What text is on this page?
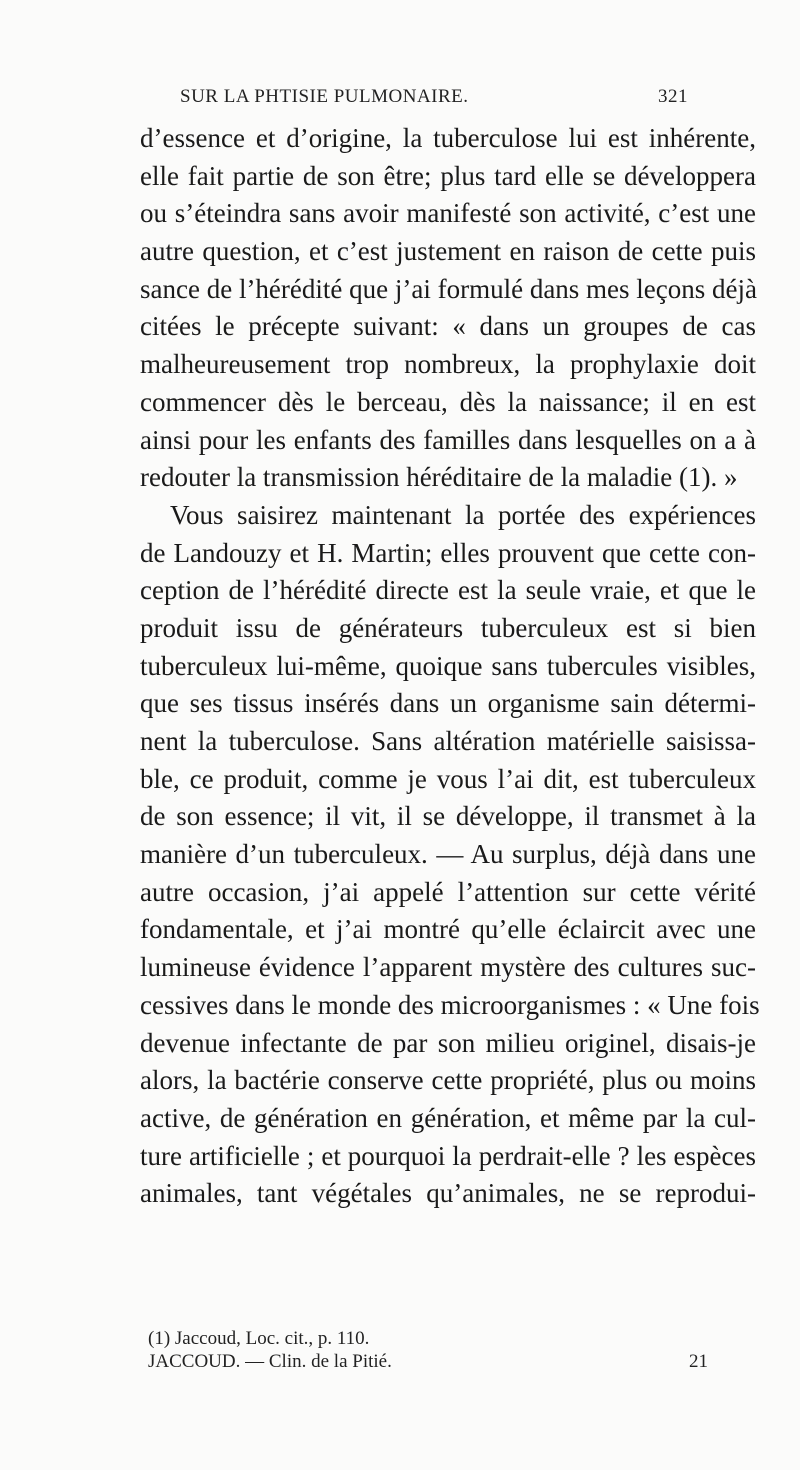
SUR LA PHTISIE PULMONAIRE.	321
d’essence et d’origine, la tuberculose lui est inhérente,
elle fait partie de son être; plus tard elle se développera
ou s’éteindra sans avoir manifesté son activité, c’est une
autre question, et c’est justement en raison de cette puis
sance de l’hérédité que j’ai formulé dans mes leçons déjà
citées le précepte suivant: « dans un groupes de cas
malheureusement trop nombreux, la prophylaxie doit
commencer dès le berceau, dès la naissance; il en est
ainsi pour les enfants des familles dans lesquelles on a à
redouter la transmission héréditaire de la maladie (1). »
Vous saisirez maintenant la portée des expériences
de Landouzy et H. Martin; elles prouvent que cette con-
ception de l’hérédité directe est la seule vraie, et que le
produit issu de générateurs tuberculeux est si bien
tuberculeux lui-même, quoique sans tubercules visibles,
que ses tissus insérés dans un organisme sain détermi-
nent la tuberculose. Sans altération matérielle saisissa-
ble, ce produit, comme je vous l’ai dit, est tuberculeux
de son essence; il vit, il se développe, il transmet à la
manière d’un tuberculeux. — Au surplus, déjà dans une
autre occasion, j’ai appelé l’attention sur cette vérité
fondamentale, et j’ai montré qu’elle éclaircit avec une
lumineuse évidence l’apparent mystère des cultures suc-
cessives dans le monde des microorganismes : « Une fois
devenue infectante de par son milieu originel, disais-je
alors, la bactérie conserve cette propriété, plus ou moins
active, de génération en génération, et même par la cul-
ture artificielle ; et pourquoi la perdrait-elle ? les espèces
animales, tant végétales qu’animales, ne se reprodui-
(1) Jaccoud, Loc. cit., p. 110.
JACCOUD. — Clin. de la Pitié.	21
